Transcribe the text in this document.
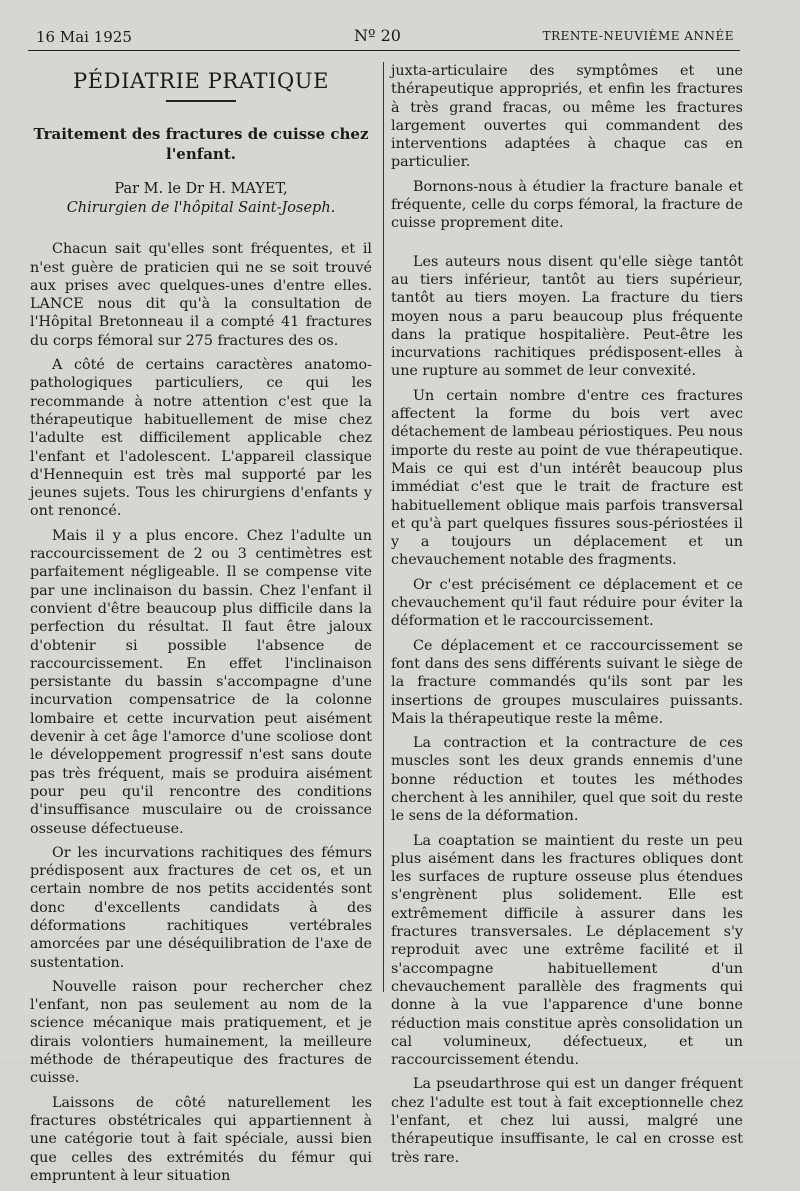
16 Mai 1925	Nº 20	TRENTE-NEUVIÈME ANNÉE
PÉDIATRIE PRATIQUE
Traitement des fractures de cuisse chez l'enfant.
Par M. le Dr H. MAYET,
Chirurgien de l'hôpital Saint-Joseph.

Chacun sait qu'elles sont fréquentes, et il n'est guère de praticien qui ne se soit trouvé aux prises avec quelques-unes d'entre elles. LANCE nous dit qu'à la consultation de l'Hôpital Bretonneau il a compté 41 fractures du corps fémoral sur 275 fractures des os.

A côté de certains caractères anatomo-pathologiques particuliers, ce qui les recommande à notre attention c'est que la thérapeutique habituellement de mise chez l'adulte est difficilement applicable chez l'enfant et l'adolescent. L'appareil classique d'Hennequin est très mal supporté par les jeunes sujets. Tous les chirurgiens d'enfants y ont renoncé.

Mais il y a plus encore. Chez l'adulte un raccourcissement de 2 ou 3 centimètres est parfaitement négligeable. Il se compense vite par une inclinaison du bassin. Chez l'enfant il convient d'être beaucoup plus difficile dans la perfection du résultat. Il faut être jaloux d'obtenir si possible l'absence de raccourcissement. En effet l'inclinaison persistante du bassin s'accompagne d'une incurvation compensatrice de la colonne lombaire et cette incurvation peut aisément devenir à cet âge l'amorce d'une scoliose dont le développement progressif n'est sans doute pas très fréquent, mais se produira aisément pour peu qu'il rencontre des conditions d'insuffisance musculaire ou de croissance osseuse défectueuse.

Or les incurvations rachitiques des fémurs prédisposent aux fractures de cet os, et un certain nombre de nos petits accidentés sont donc d'excellents candidats à des déformations rachitiques vertébrales amorcées par une déséquilibration de l'axe de sustentation.

Nouvelle raison pour rechercher chez l'enfant, non pas seulement au nom de la science mécanique mais pratiquement, et je dirais volontiers humainement, la meilleure méthode de thérapeutique des fractures de cuisse.

Laissons de côté naturellement les fractures obstétricales qui appartiennent à une catégorie tout à fait spéciale, aussi bien que celles des extrémités du fémur qui empruntent à leur situation

juxta-articulaire des symptômes et une thérapeutique appropriés, et enfin les fractures à très grand fracas, ou même les fractures largement ouvertes qui commandent des interventions adaptées à chaque cas en particulier.

Bornons-nous à étudier la fracture banale et fréquente, celle du corps fémoral, la fracture de cuisse proprement dite.

Les auteurs nous disent qu'elle siège tantôt au tiers inférieur, tantôt au tiers supérieur, tantôt au tiers moyen. La fracture du tiers moyen nous a paru beaucoup plus fréquente dans la pratique hospitalière. Peut-être les incurvations rachitiques prédisposent-elles à une rupture au sommet de leur convexité.

Un certain nombre d'entre ces fractures affectent la forme du bois vert avec détachement de lambeau périostiques. Peu nous importe du reste au point de vue thérapeutique. Mais ce qui est d'un intérêt beaucoup plus immédiat c'est que le trait de fracture est habituellement oblique mais parfois transversal et qu'à part quelques fissures sous-périostées il y a toujours un déplacement et un chevauchement notable des fragments.

Or c'est précisément ce déplacement et ce chevauchement qu'il faut réduire pour éviter la déformation et le raccourcissement.

Ce déplacement et ce raccourcissement se font dans des sens différents suivant le siège de la fracture commandés qu'ils sont par les insertions de groupes musculaires puissants. Mais la thérapeutique reste la même.

La contraction et la contracture de ces muscles sont les deux grands ennemis d'une bonne réduction et toutes les méthodes cherchent à les annihiler, quel que soit du reste le sens de la déformation.

La coaptation se maintient du reste un peu plus aisément dans les fractures obliques dont les surfaces de rupture osseuse plus étendues s'engrènent plus solidement. Elle est extrêmement difficile à assurer dans les fractures transversales. Le déplacement s'y reproduit avec une extrême facilité et il s'accompagne habituellement d'un chevauchement parallèle des fragments qui donne à la vue l'apparence d'une bonne réduction mais constitue après consolidation un cal volumineux, défectueux, et un raccourcissement étendu.

La pseudarthrose qui est un danger fréquent chez l'adulte est tout à fait exceptionnelle chez l'enfant, et chez lui aussi, malgré une thérapeutique insuffisante, le cal en crosse est très rare.
